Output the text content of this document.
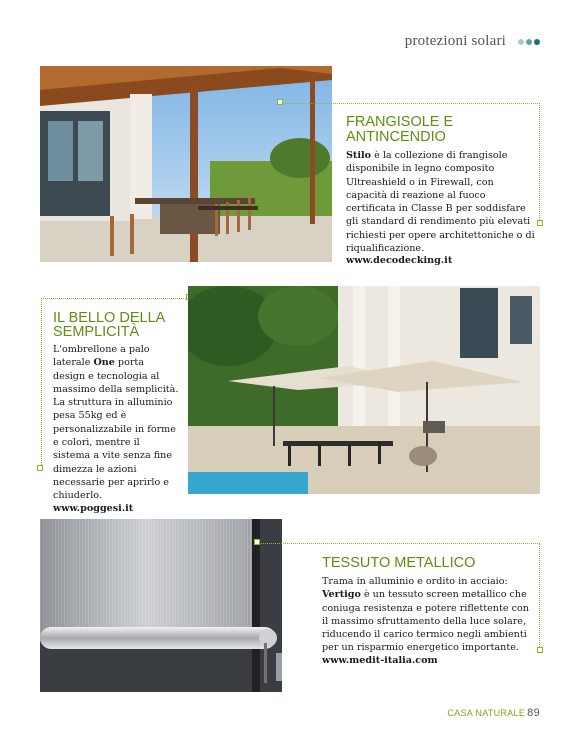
protezioni solari
FRANGISOLE E ANTINCENDIO

Stilo è la collezione di frangisole disponibile in legno composito Ultreashield o in Firewall, con capacità di reazione al fuoco certificata in Classe B per soddisfare gli standard di rendimento più elevati richiesti per opere architettoniche o di riqualificazione.

www.decodecking.it
IL BELLO DELLA SEMPLICITÀ

L'ombrellone a palo laterale One porta design e tecnologia al massimo della semplicità. La struttura in alluminio pesa 55kg ed è personalizzabile in forme e colori, mentre il sistema a vite senza fine dimezza le azioni necessarie per aprirlo e chiuderlo.

www.poggesi.it
TESSUTO METALLICO

Trama in alluminio e ordito in acciaio: Vertigo è un tessuto screen metallico che coniuga resistenza e potere riflettente con il massimo sfruttamento della luce solare, riducendo il carico termico negli ambienti per un risparmio energetico importante.

www.medit-italia.com
CASA NATURALE 89
